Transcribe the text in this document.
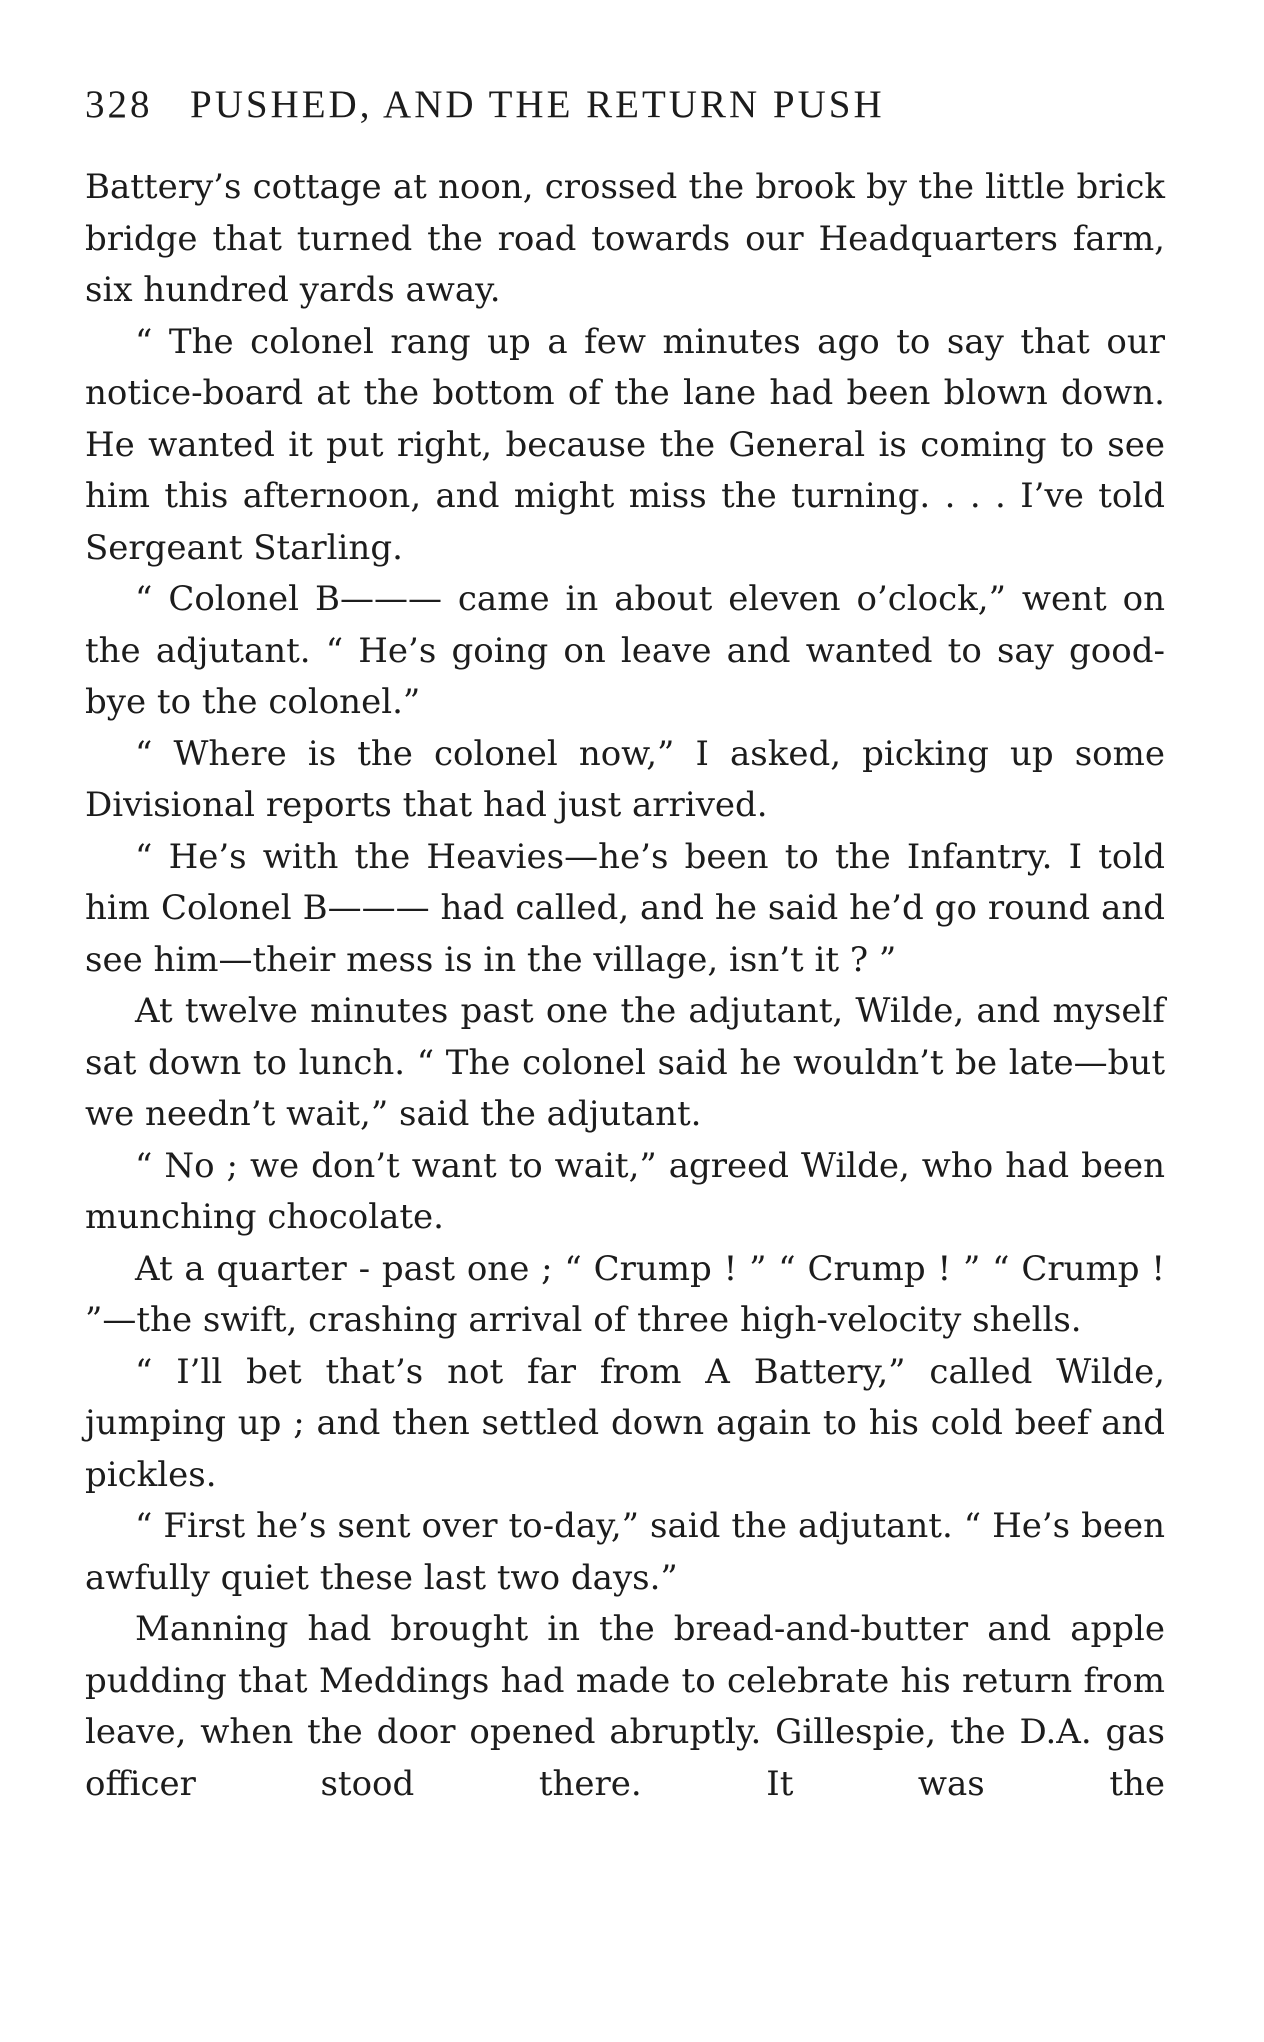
328 PUSHED, AND THE RETURN PUSH

Battery’s cottage at noon, crossed the brook by the little brick bridge that turned the road towards our Headquarters farm, six hundred yards away.

“ The colonel rang up a few minutes ago to say that our notice-board at the bottom of the lane had been blown down. He wanted it put right, because the General is coming to see him this afternoon, and might miss the turning. . . . I’ve told Sergeant Starling.

“ Colonel B——— came in about eleven o’clock,” went on the adjutant. “ He’s going on leave and wanted to say good-bye to the colonel.”

“ Where is the colonel now,” I asked, picking up some Divisional reports that had just arrived.

“ He’s with the Heavies—he’s been to the Infantry. I told him Colonel B——— had called, and he said he’d go round and see him—their mess is in the village, isn’t it ? ”

At twelve minutes past one the adjutant, Wilde, and myself sat down to lunch. “ The colonel said he wouldn’t be late—but we needn’t wait,” said the adjutant.

“ No ; we don’t want to wait,” agreed Wilde, who had been munching chocolate.

At a quarter - past one ; “ Crump ! ” “ Crump ! ” “ Crump ! ”—the swift, crashing arrival of three high-velocity shells.

“ I’ll bet that’s not far from A Battery,” called Wilde, jumping up ; and then settled down again to his cold beef and pickles.

“ First he’s sent over to-day,” said the adjutant. “ He’s been awfully quiet these last two days.”

Manning had brought in the bread-and-butter and apple pudding that Meddings had made to celebrate his return from leave, when the door opened abruptly. Gillespie, the D.A. gas officer stood there. It was the
